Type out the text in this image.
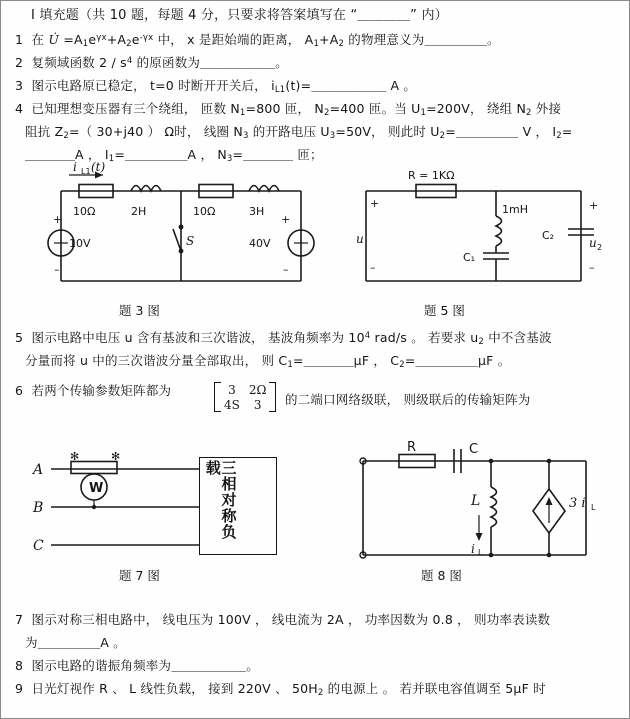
Ⅰ 填充题（共 10 题，每题 4 分，只要求将答案填写在 “＿＿＿＿” 内）
1  在 U̇ $=A_1e^{\gamma x}+A_2e^{-\gamma x}$ 中， x 是距始端的距离， $A_1+A_2$ 的物理意义为＿＿＿＿＿。
2  复频域函数 $2 / s^4$ 的原函数为＿＿＿＿＿＿。
3  图示电路原已稳定， t=0 时断开开关后， $i_{L1}(t)=\_\_\_\_\_\_$ A 。
4  已知理想变压器有三个绕组， 匝数 $N_1=800$ 匝， $N_2=400$ 匝。当 $U_1=200V$， 绕组 $N_2$ 外接
阻抗 $Z_2=$（ 30+j40 ） Ω时， 线圈 $N_3$ 的开路电压 $U_3=50V$， 则此时 $U_2=\_\_\_\_\_$ V ， $I_2=$
＿＿＿＿A ， $I_1=\_\_\_\_\_A$ ， $N_3=\_\_\_\_$ 匝；
i L1 (t)
10Ω	2H	10Ω	3H
+
–
10V
+
–
40V
S
题 3 图
R = 1KΩ
1mH
C₁
C₂
+
–
u
+
–
u 2
题 5 图
5  图示电路中电压 u 含有基波和三次谐波， 基波角频率为 $10^4$ rad/s 。 若要求 $u_2$ 中不含基波
分量而将 u 中的三次谐波分量全部取出， 则 $C_1=\_\_\_\_\mu F$ ， $C_2=\_\_\_\_\_\mu F$ 。
6 若两个传输参数矩阵都为	3	2Ω
4S	3	的二端口网络级联， 则级联后的传输矩阵为
A
B
C
W
✻	✻
三相对称负载
题 7 图
R	C
L
i L
3 i L
题 8 图
7  图示对称三相电路中， 线电压为 100V ， 线电流为 2A ， 功率因数为 0.8 ， 则功率表读数
为＿＿＿＿＿A 。
8  图示电路的谐振角频率为＿＿＿＿＿＿。
9  日光灯视作 R 、 L 线性负载， 接到 220V 、 $50H_2$ 的电源上 。 若并联电容值调至 5μF 时
